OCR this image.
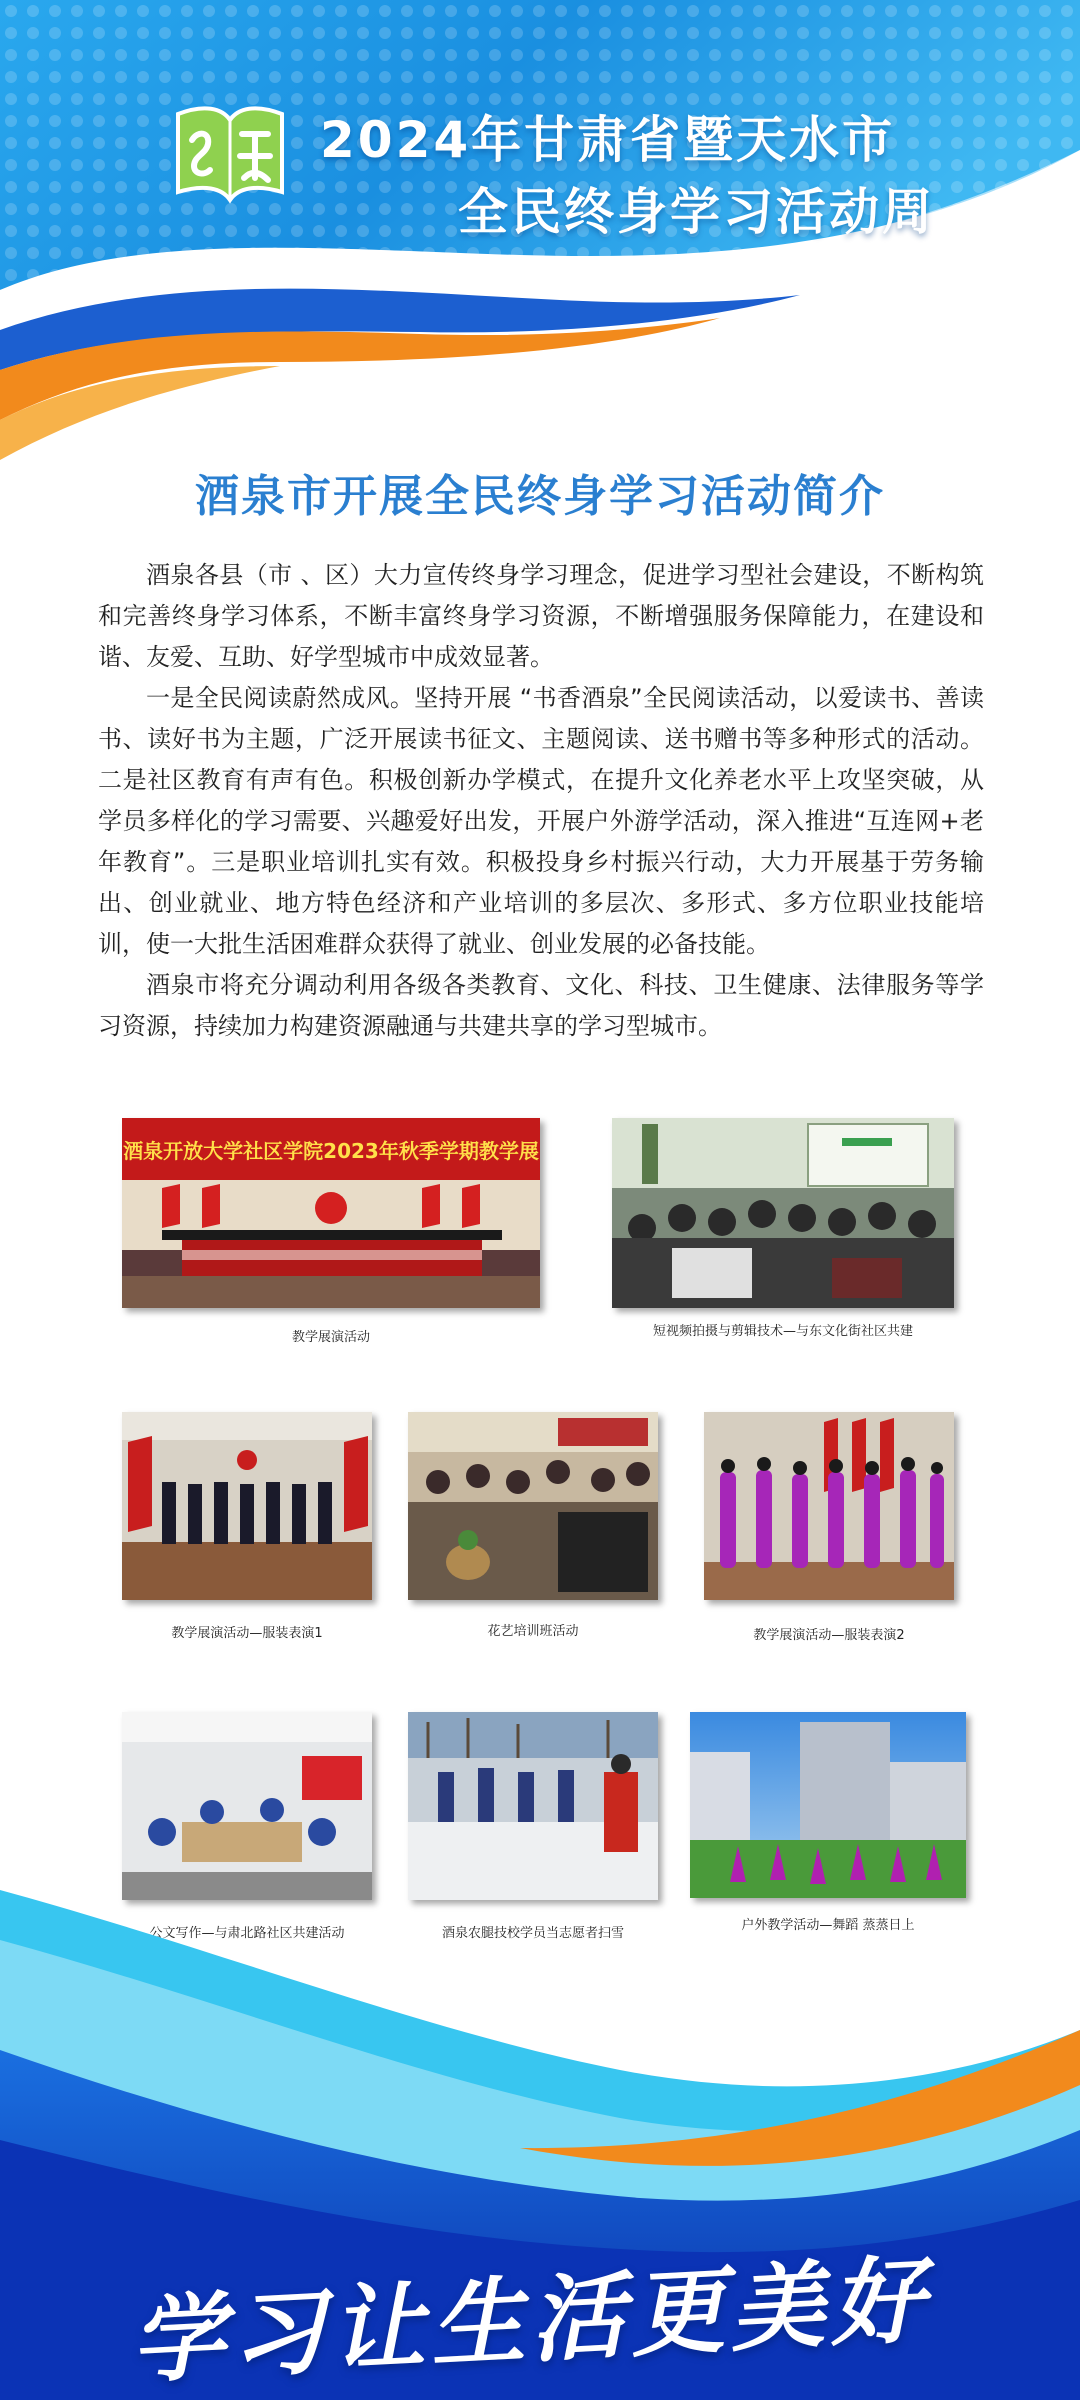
2024年甘肃省暨天水市
全民终身学习活动周
酒泉市开展全民终身学习活动简介

酒泉各县（市 、区）大力宣传终身学习理念，促进学习型社会建设，不断构筑和完善终身学习体系，不断丰富终身学习资源，不断增强服务保障能力，在建设和谐、友爱、互助、好学型城市中成效显著。

一是全民阅读蔚然成风。坚持开展 “书香酒泉”全民阅读活动，以爱读书、善读书、读好书为主题，广泛开展读书征文、主题阅读、送书赠书等多种形式的活动。二是社区教育有声有色。积极创新办学模式，在提升文化养老水平上攻坚突破，从学员多样化的学习需要、兴趣爱好出发，开展户外游学活动，深入推进“互连网+老年教育”。三是职业培训扎实有效。积极投身乡村振兴行动，大力开展基于劳务输出、创业就业、地方特色经济和产业培训的多层次、多形式、多方位职业技能培训，使一大批生活困难群众获得了就业、创业发展的必备技能。

酒泉市将充分调动利用各级各类教育、文化、科技、卫生健康、法律服务等学习资源，持续加力构建资源融通与共建共享的学习型城市。

酒泉开放大学社区学院2023年秋季学期教学展
教学展演活动	短视频拍摄与剪辑技术—与东文化街社区共建
教学展演活动—服装表演1	花艺培训班活动	教学展演活动—服装表演2
公文写作—与肃北路社区共建活动	酒泉农腿技校学员当志愿者扫雪
户外教学活动—舞蹈 蒸蒸日上
学习让生活更美好
